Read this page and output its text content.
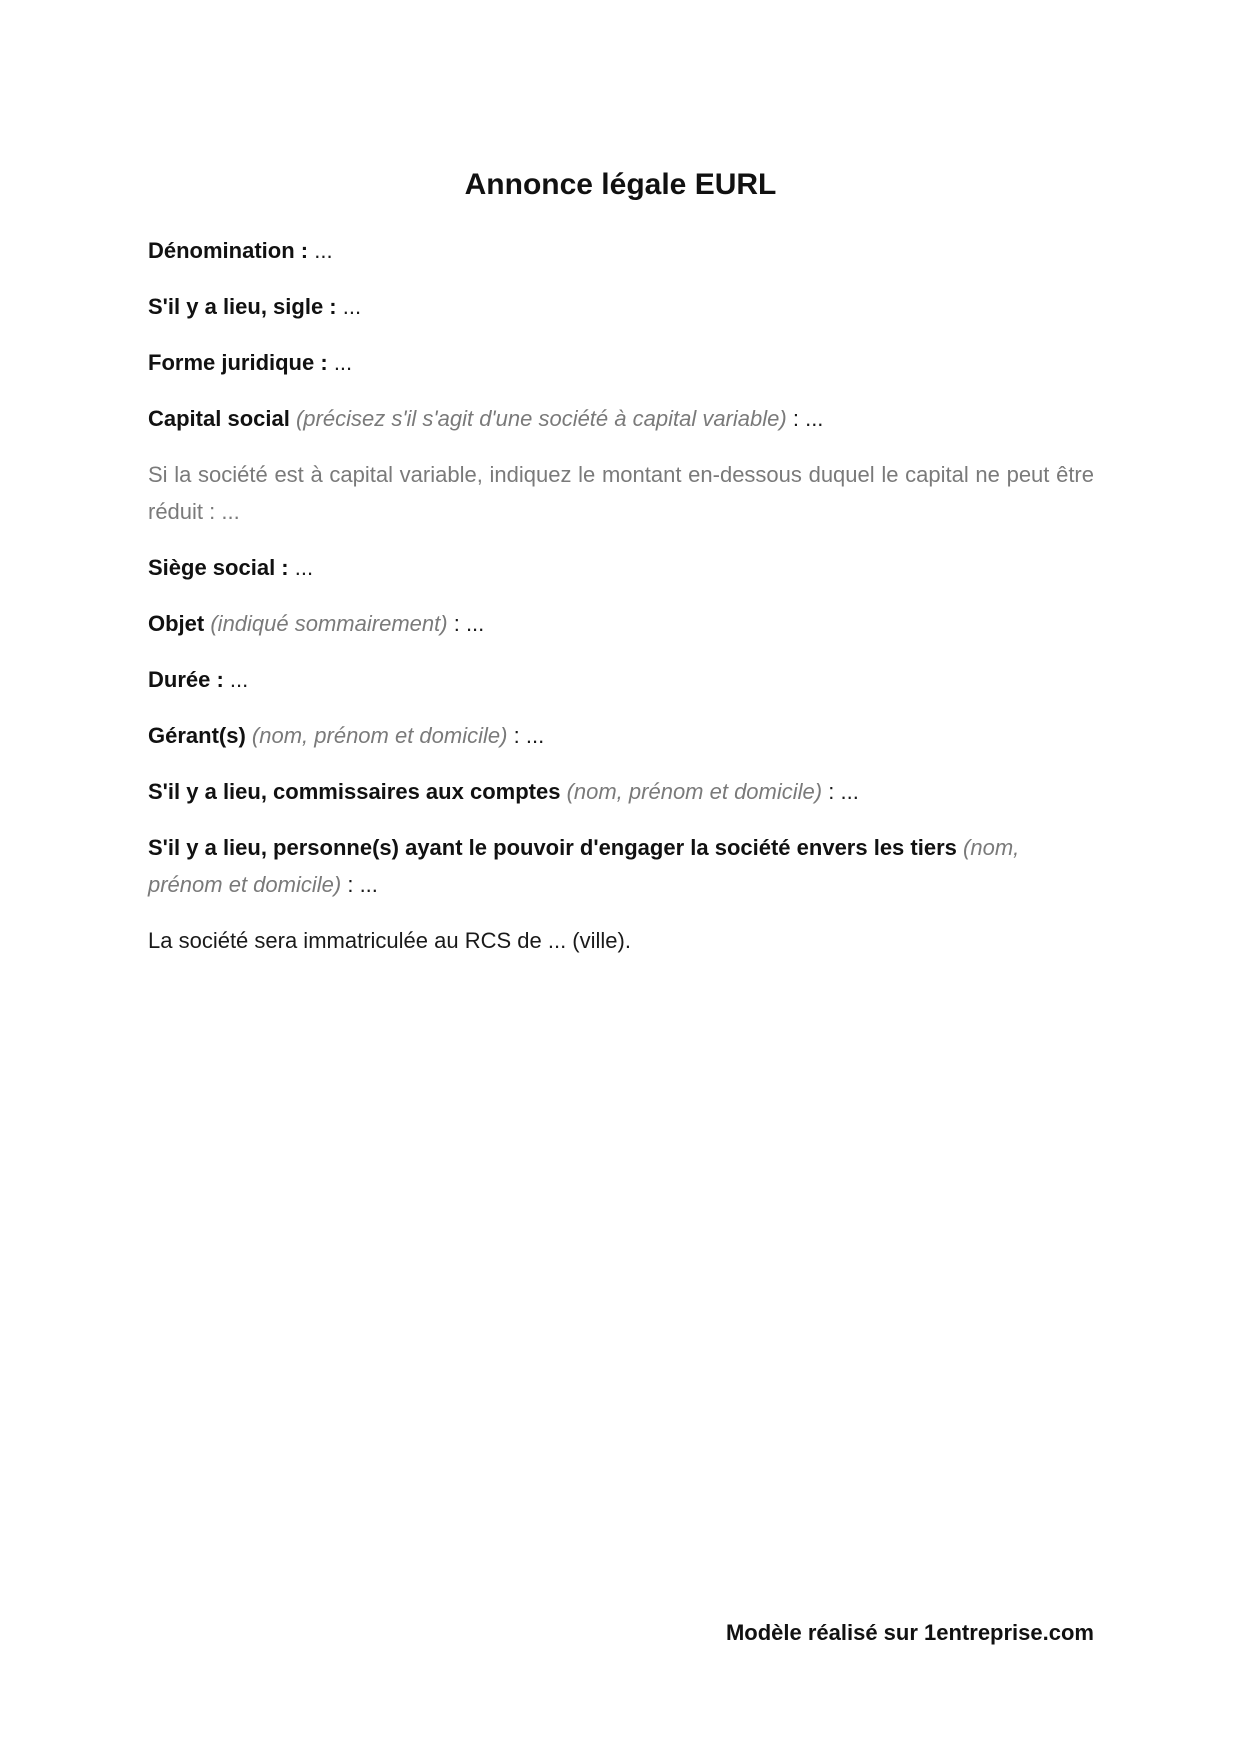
Annonce légale EURL

Dénomination : ...

S'il y a lieu, sigle : ...

Forme juridique : ...

Capital social (précisez s'il s'agit d'une société à capital variable) : ...

Si la société est à capital variable, indiquez le montant en-dessous duquel le capital ne peut être réduit : ...

Siège social : ...

Objet (indiqué sommairement) : ...

Durée : ...

Gérant(s) (nom, prénom et domicile) : ...

S'il y a lieu, commissaires aux comptes (nom, prénom et domicile) : ...

S'il y a lieu, personne(s) ayant le pouvoir d'engager la société envers les tiers (nom, prénom et domicile) : ...

La société sera immatriculée au RCS de ... (ville).

Modèle réalisé sur 1entreprise.com
